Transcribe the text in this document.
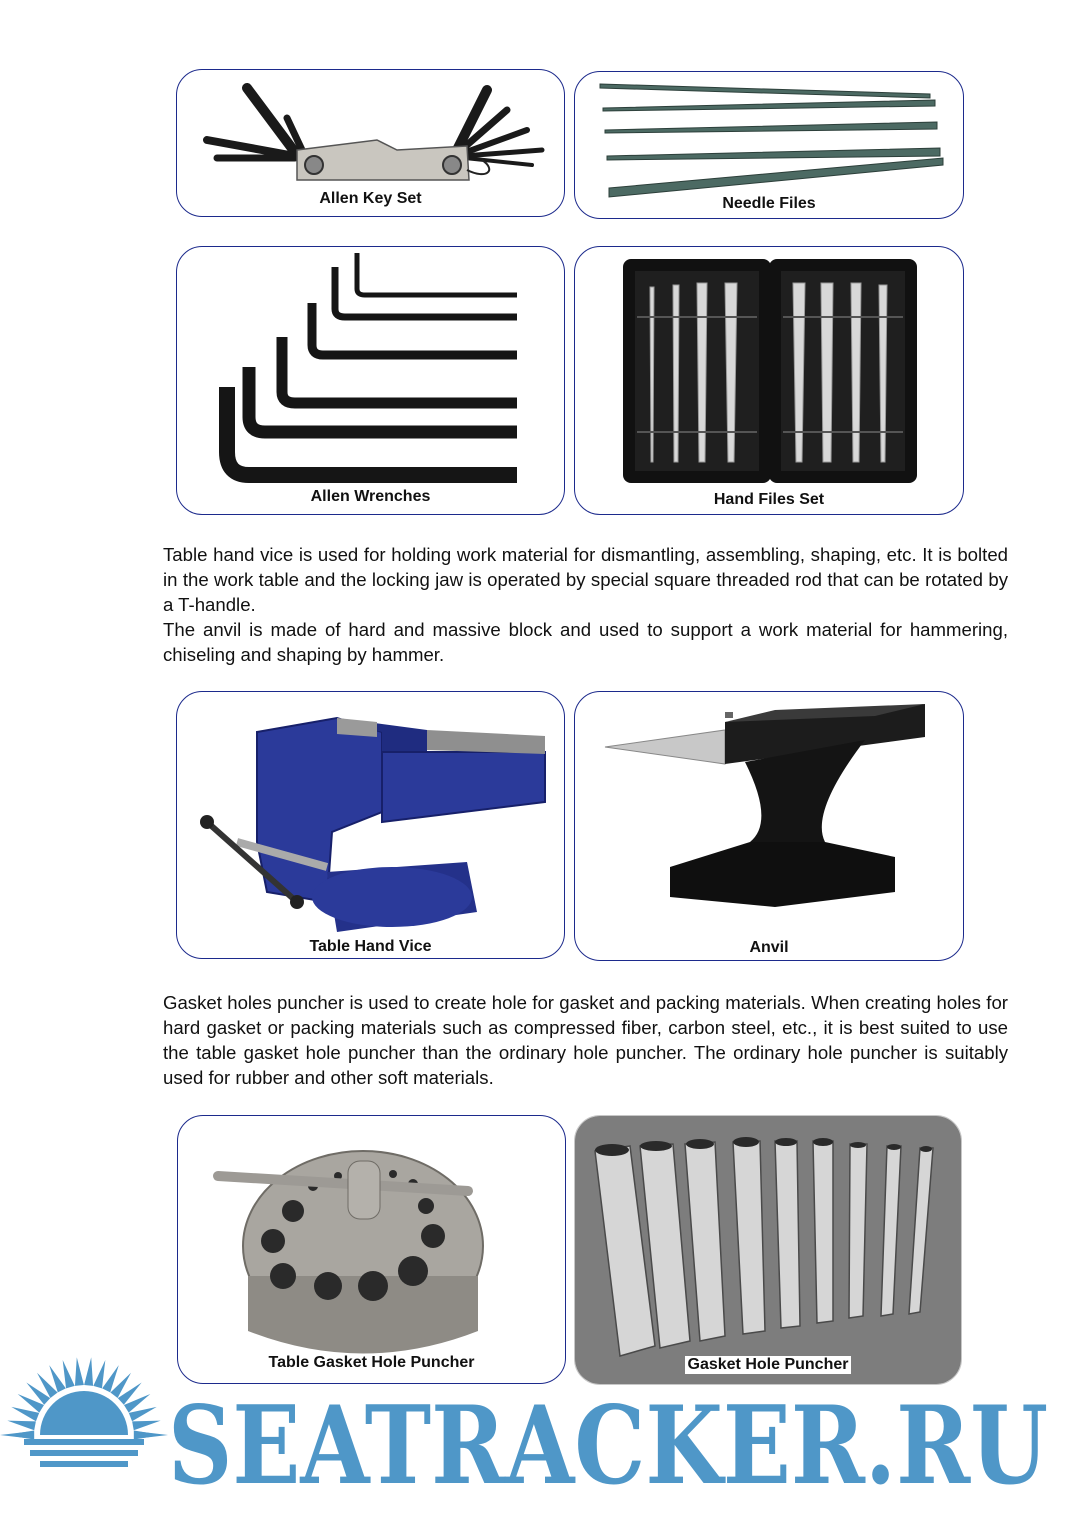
Allen Key Set	Needle Files
Allen Wrenches	Hand Files Set

Table hand vice is used for holding work material for dismantling, assembling, shaping, etc. It is bolted in the work table and the locking jaw is operated by special square threaded rod that can be rotated by a T-handle.

The anvil is made of hard and massive block and used to support a work material for hammering, chiseling and shaping by hammer.

Table Hand Vice	Anvil

Gasket holes puncher is used to create hole for gasket and packing materials. When creating holes for hard gasket or packing materials such as compressed fiber, carbon steel, etc., it is best suited to use the table gasket hole puncher than the ordinary hole puncher. The ordinary hole puncher is suitably used for rubber and other soft materials.

Table Gasket Hole Puncher	Gasket Hole Puncher
SEATRACKER.RU
